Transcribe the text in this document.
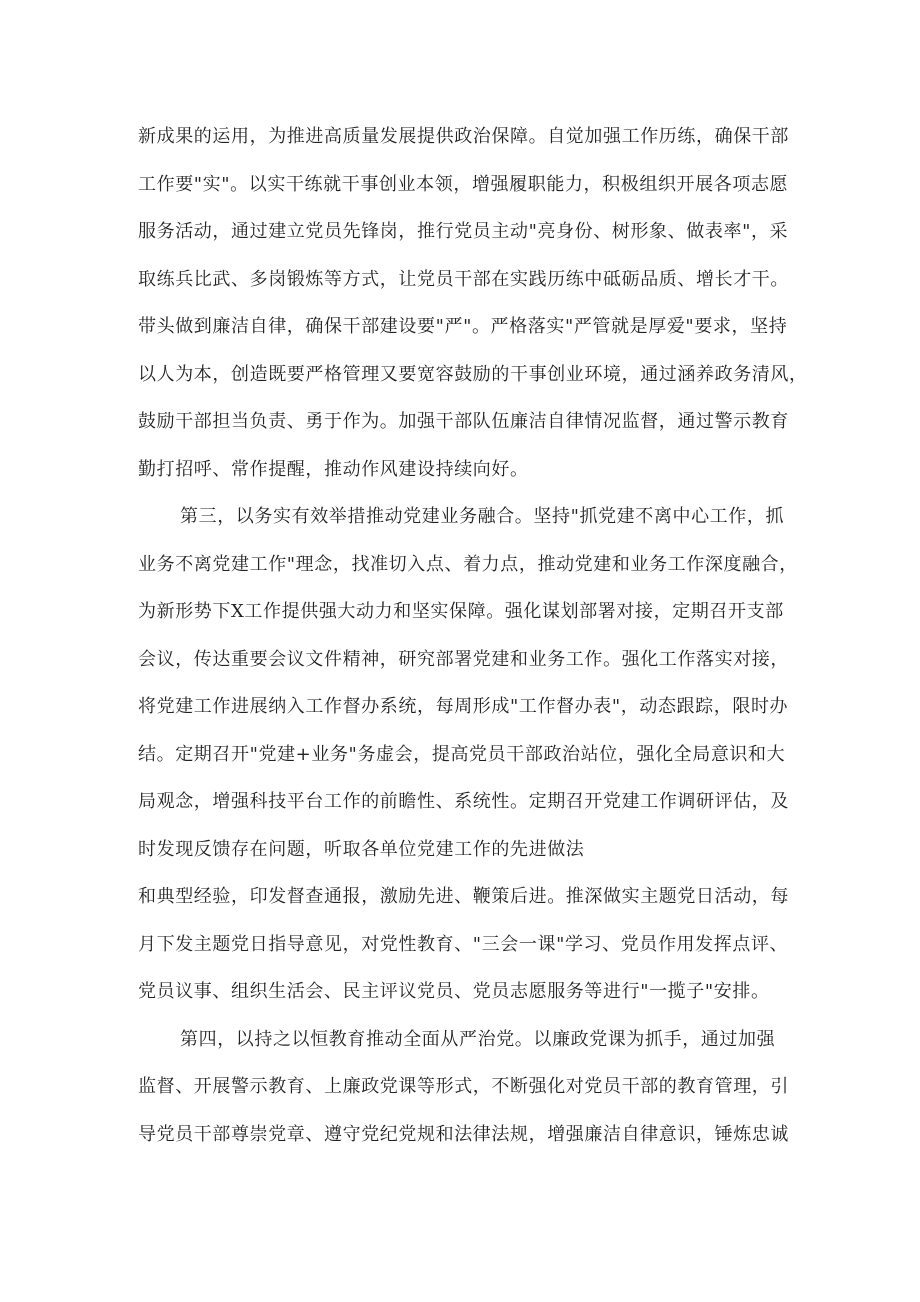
新成果的运用，为推进高质量发展提供政治保障。自觉加强工作历练，确保干部
工作要"实"。以实干练就干事创业本领，增强履职能力，积极组织开展各项志愿
服务活动，通过建立党员先锋岗，推行党员主动"亮身份、树形象、做表率"，采
取练兵比武、多岗锻炼等方式，让党员干部在实践历练中砥砺品质、增长才干。
带头做到廉洁自律，确保干部建设要"严"。严格落实"严管就是厚爱"要求，坚持
以人为本，创造既要严格管理又要宽容鼓励的干事创业环境，通过涵养政务清风，
鼓励干部担当负责、勇于作为。加强干部队伍廉洁自律情况监督，通过警示教育
勤打招呼、常作提醒，推动作风建设持续向好。
第三，以务实有效举措推动党建业务融合。坚持"抓党建不离中心工作，抓
业务不离党建工作"理念，找准切入点、着力点，推动党建和业务工作深度融合，
为新形势下X工作提供强大动力和坚实保障。强化谋划部署对接，定期召开支部
会议，传达重要会议文件精神，研究部署党建和业务工作。强化工作落实对接，
将党建工作进展纳入工作督办系统，每周形成"工作督办表"，动态跟踪，限时办
结。定期召开"党建+业务"务虚会，提高党员干部政治站位，强化全局意识和大
局观念，增强科技平台工作的前瞻性、系统性。定期召开党建工作调研评估，及
时发现反馈存在问题，听取各单位党建工作的先进做法
和典型经验，印发督查通报，激励先进、鞭策后进。推深做实主题党日活动，每
月下发主题党日指导意见，对党性教育、"三会一课"学习、党员作用发挥点评、
党员议事、组织生活会、民主评议党员、党员志愿服务等进行"一揽子"安排。
第四，以持之以恒教育推动全面从严治党。以廉政党课为抓手，通过加强
监督、开展警示教育、上廉政党课等形式，不断强化对党员干部的教育管理，引
导党员干部尊崇党章、遵守党纪党规和法律法规，增强廉洁自律意识，锤炼忠诚
